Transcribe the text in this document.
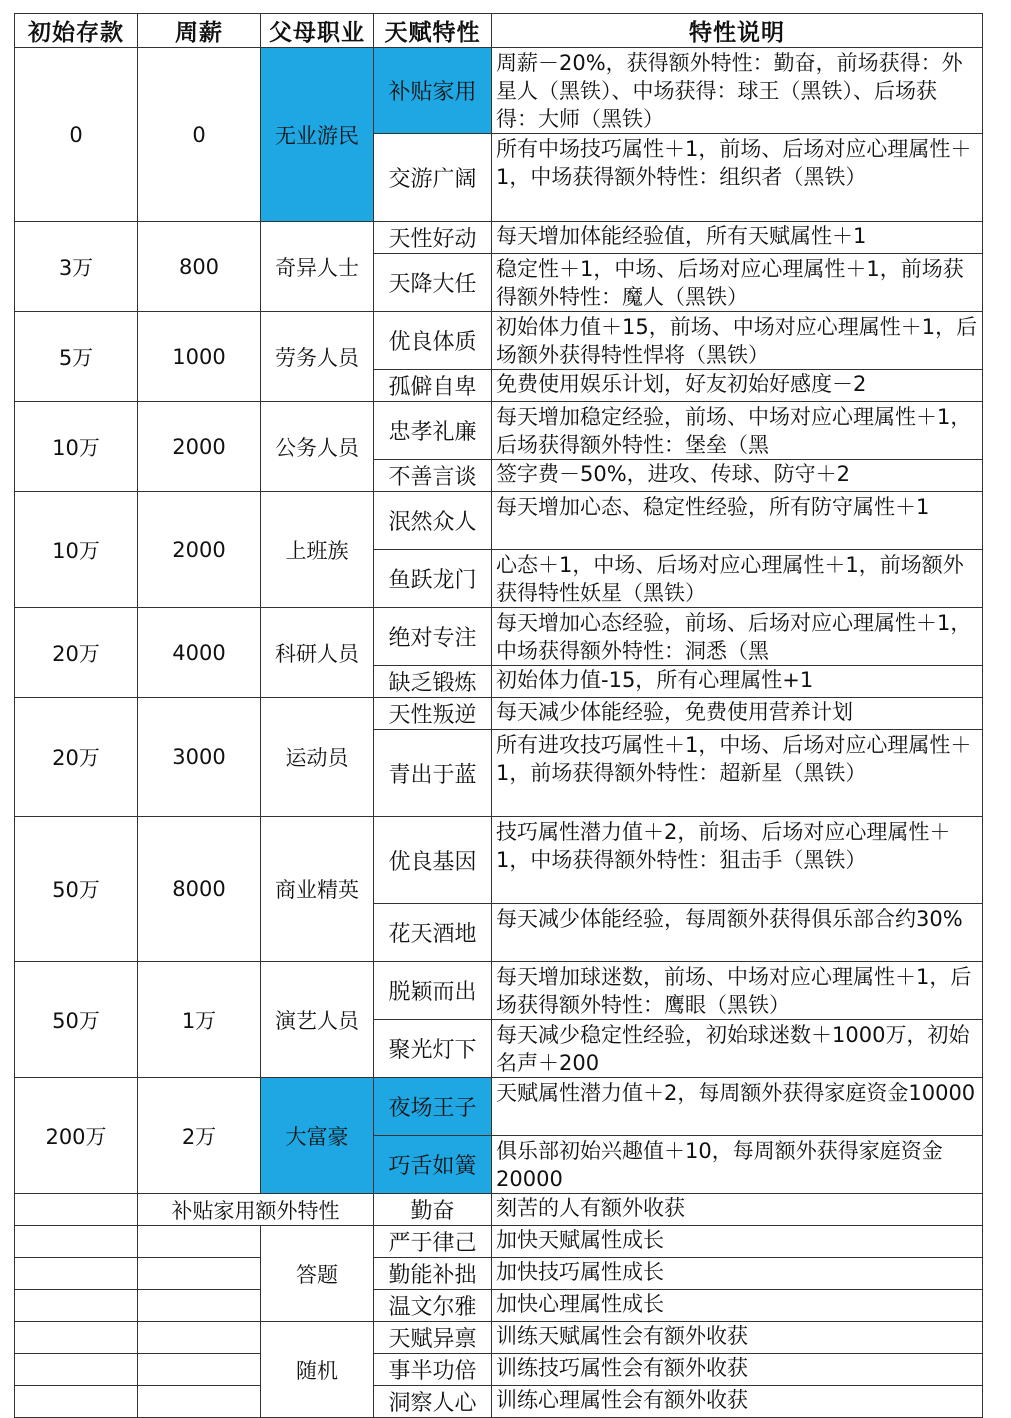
初始存款	周薪	父母职业	天赋特性	特性说明
0	0	无业游民	补贴家用	周薪－20%，获得额外特性：勤奋，前场获得：外星人（黑铁）、中场获得：球王（黑铁）、后场获得：大师（黑铁）
			交游广阔	所有中场技巧属性＋1，前场、后场对应心理属性＋1，中场获得额外特性：组织者（黑铁）
3万	800	奇异人士	天性好动	每天增加体能经验值，所有天赋属性＋1
			天降大任	稳定性＋1，中场、后场对应心理属性＋1，前场获得额外特性：魔人（黑铁）
5万	1000	劳务人员	优良体质	初始体力值＋15，前场、中场对应心理属性＋1，后场额外获得特性悍将（黑铁）
			孤僻自卑	免费使用娱乐计划，好友初始好感度－2
10万	2000	公务人员	忠孝礼廉	每天增加稳定经验，前场、中场对应心理属性＋1，后场获得额外特性：堡垒（黑
			不善言谈	签字费－50%，进攻、传球、防守＋2
10万	2000	上班族	泯然众人	每天增加心态、稳定性经验，所有防守属性＋1
			鱼跃龙门	心态＋1，中场、后场对应心理属性＋1，前场额外获得特性妖星（黑铁）
20万	4000	科研人员	绝对专注	每天增加心态经验，前场、后场对应心理属性＋1，中场获得额外特性：洞悉（黑
			缺乏锻炼	初始体力值-15，所有心理属性+1
20万	3000	运动员	天性叛逆	每天减少体能经验，免费使用营养计划
			青出于蓝	所有进攻技巧属性＋1，中场、后场对应心理属性＋1，前场获得额外特性：超新星（黑铁）
50万	8000	商业精英	优良基因	技巧属性潜力值＋2，前场、后场对应心理属性＋1，中场获得额外特性：狙击手（黑铁）
			花天酒地	每天减少体能经验，每周额外获得俱乐部合约30%
50万	1万	演艺人员	脱颖而出	每天增加球迷数，前场、中场对应心理属性＋1，后场获得额外特性：鹰眼（黑铁）
			聚光灯下	每天减少稳定性经验，初始球迷数＋1000万，初始名声＋200
200万	2万	大富豪	夜场王子	天赋属性潜力值＋2，每周额外获得家庭资金10000
			巧舌如簧	俱乐部初始兴趣值＋10，每周额外获得家庭资金20000
	补贴家用额外特性		勤奋	刻苦的人有额外收获
		答题	严于律己	加快天赋属性成长
			勤能补拙	加快技巧属性成长
			温文尔雅	加快心理属性成长
		随机	天赋异禀	训练天赋属性会有额外收获
			事半功倍	训练技巧属性会有额外收获
			洞察人心	训练心理属性会有额外收获
